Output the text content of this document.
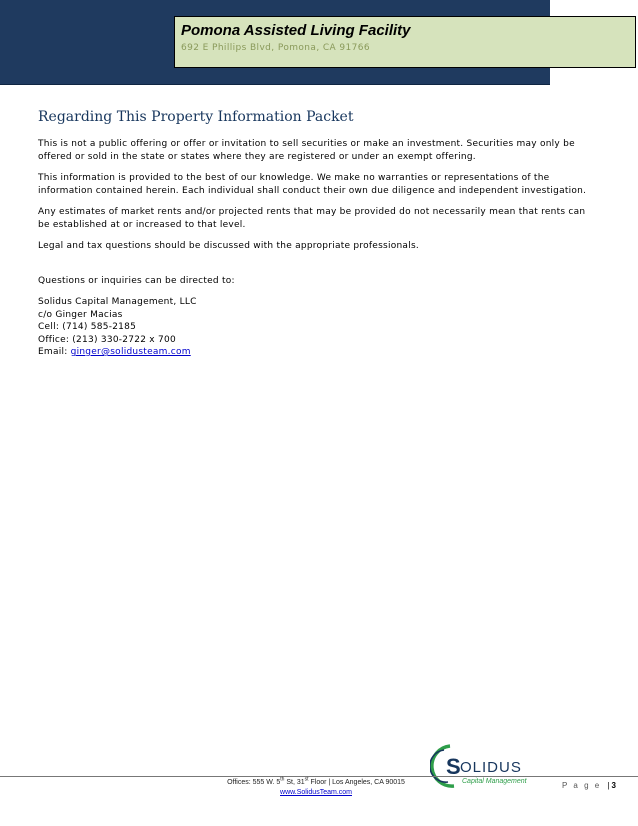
Pomona Assisted Living Facility
692 E Phillips Blvd, Pomona, CA 91766
Regarding This Property Information Packet

This is not a public offering or offer or invitation to sell securities or make an investment. Securities may only be offered or sold in the state or states where they are registered or under an exempt offering.

This information is provided to the best of our knowledge. We make no warranties or representations of the information contained herein. Each individual shall conduct their own due diligence and independent investigation.

Any estimates of market rents and/or projected rents that may be provided do not necessarily mean that rents can be established at or increased to that level.

Legal and tax questions should be discussed with the appropriate professionals.

Questions or inquiries can be directed to:

Solidus Capital Management, LLC
c/o Ginger Macias
Cell: (714) 585-2185
Office: (213) 330-2722 x 700
Email: ginger@solidusteam.com
S OLIDUS
Capital Management
Offices: 555 W. 5th St, 31st Floor | Los Angeles, CA 90015
www.SolidusTeam.com
P a g e | 3
